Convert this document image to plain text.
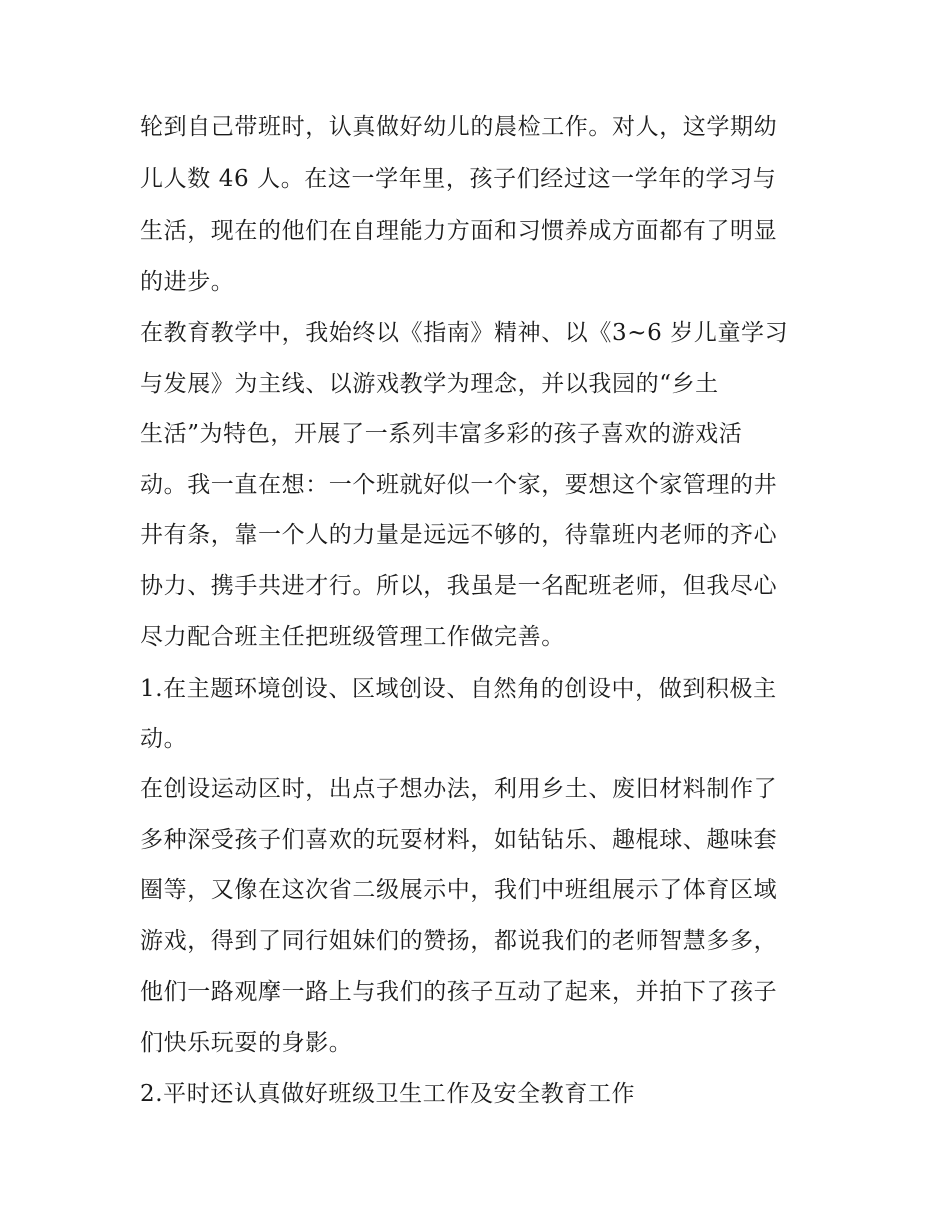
轮到自己带班时，认真做好幼儿的晨检工作。对人，这学期幼
儿人数 46 人。在这一学年里，孩子们经过这一学年的学习与
生活，现在的他们在自理能力方面和习惯养成方面都有了明显
的进步。
在教育教学中，我始终以《指南》精神、以《3~6 岁儿童学习
与发展》为主线、以游戏教学为理念，并以我园的“乡土
生活”为特色，开展了一系列丰富多彩的孩子喜欢的游戏活
动。我一直在想：一个班就好似一个家，要想这个家管理的井
井有条，靠一个人的力量是远远不够的，待靠班内老师的齐心
协力、携手共进才行。所以，我虽是一名配班老师，但我尽心
尽力配合班主任把班级管理工作做完善。
1.在主题环境创设、区域创设、自然角的创设中，做到积极主
动。
在创设运动区时，出点子想办法，利用乡土、废旧材料制作了
多种深受孩子们喜欢的玩耍材料，如钻钻乐、趣棍球、趣味套
圈等，又像在这次省二级展示中，我们中班组展示了体育区域
游戏，得到了同行姐妹们的赞扬，都说我们的老师智慧多多，
他们一路观摩一路上与我们的孩子互动了起来，并拍下了孩子
们快乐玩耍的身影。
2.平时还认真做好班级卫生工作及安全教育工作
